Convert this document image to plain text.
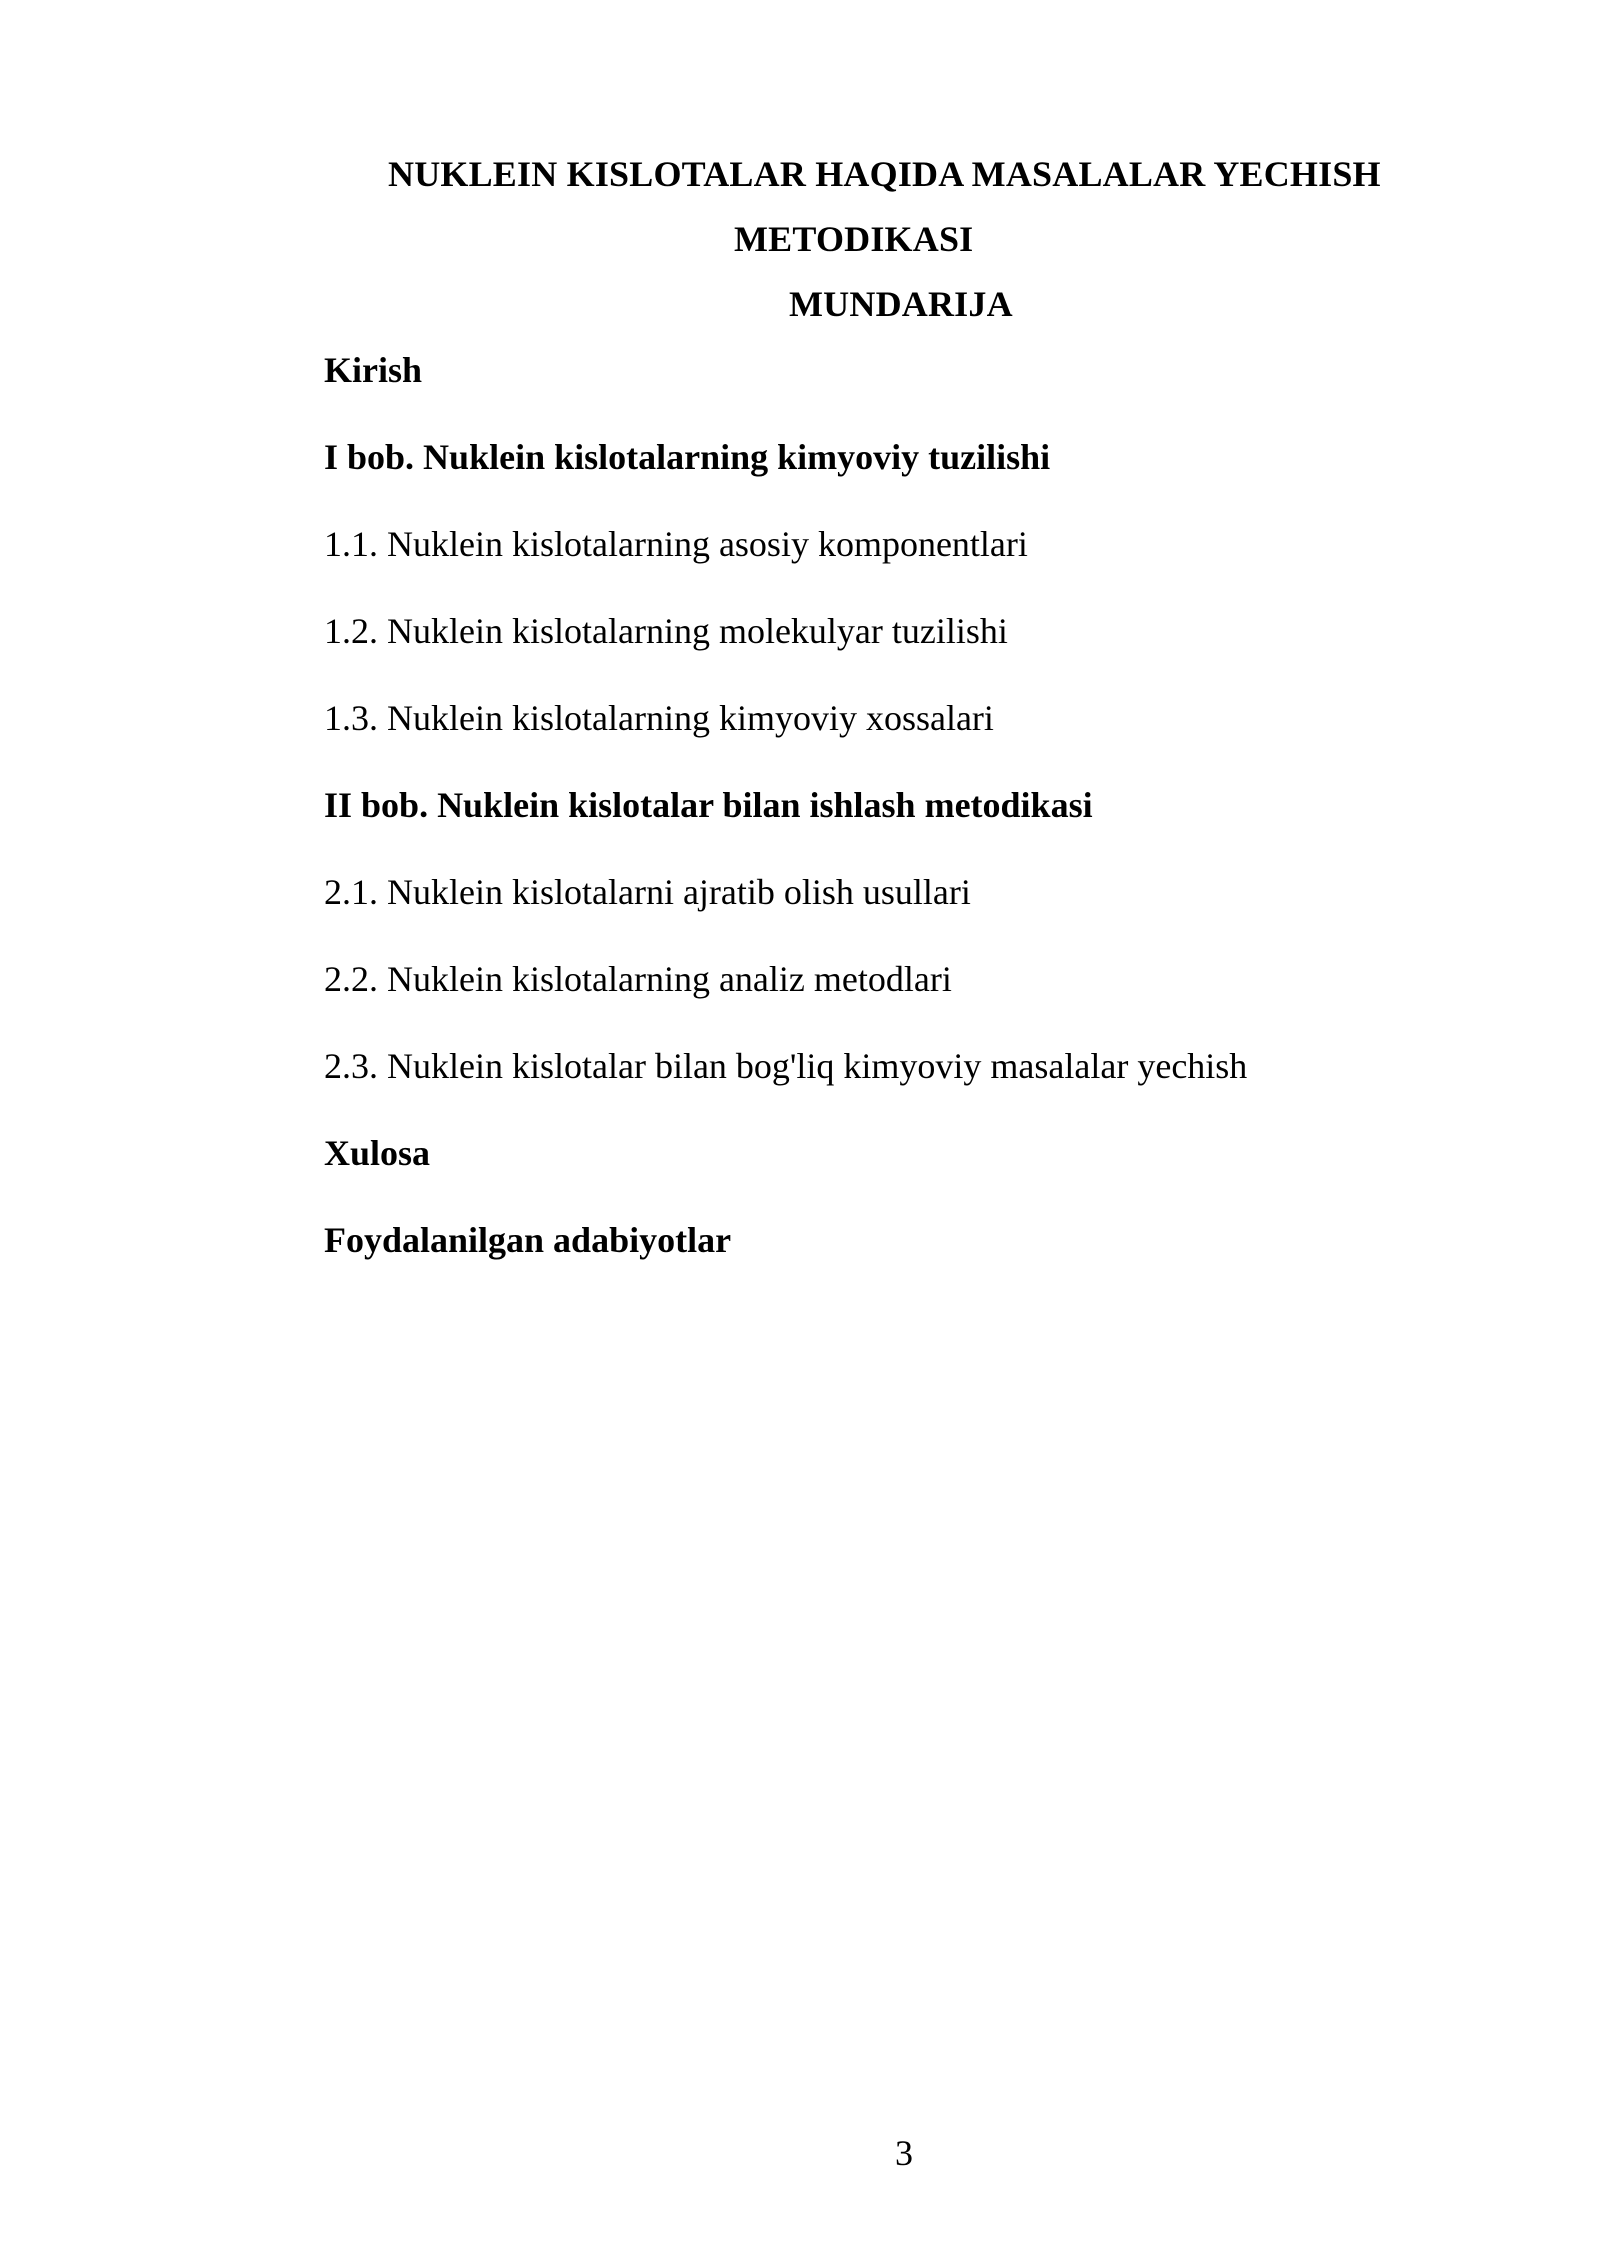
NUKLEIN KISLOTALAR HAQIDA MASALALAR YECHISH
METODIKASI
MUNDARIJA
Kirish
I bob. Nuklein kislotalarning kimyoviy tuzilishi
1.1. Nuklein kislotalarning asosiy komponentlari
1.2. Nuklein kislotalarning molekulyar tuzilishi
1.3. Nuklein kislotalarning kimyoviy xossalari
II bob. Nuklein kislotalar bilan ishlash metodikasi
2.1. Nuklein kislotalarni ajratib olish usullari
2.2. Nuklein kislotalarning analiz metodlari
2.3. Nuklein kislotalar bilan bog'liq kimyoviy masalalar yechish
Xulosa
Foydalanilgan adabiyotlar
3
